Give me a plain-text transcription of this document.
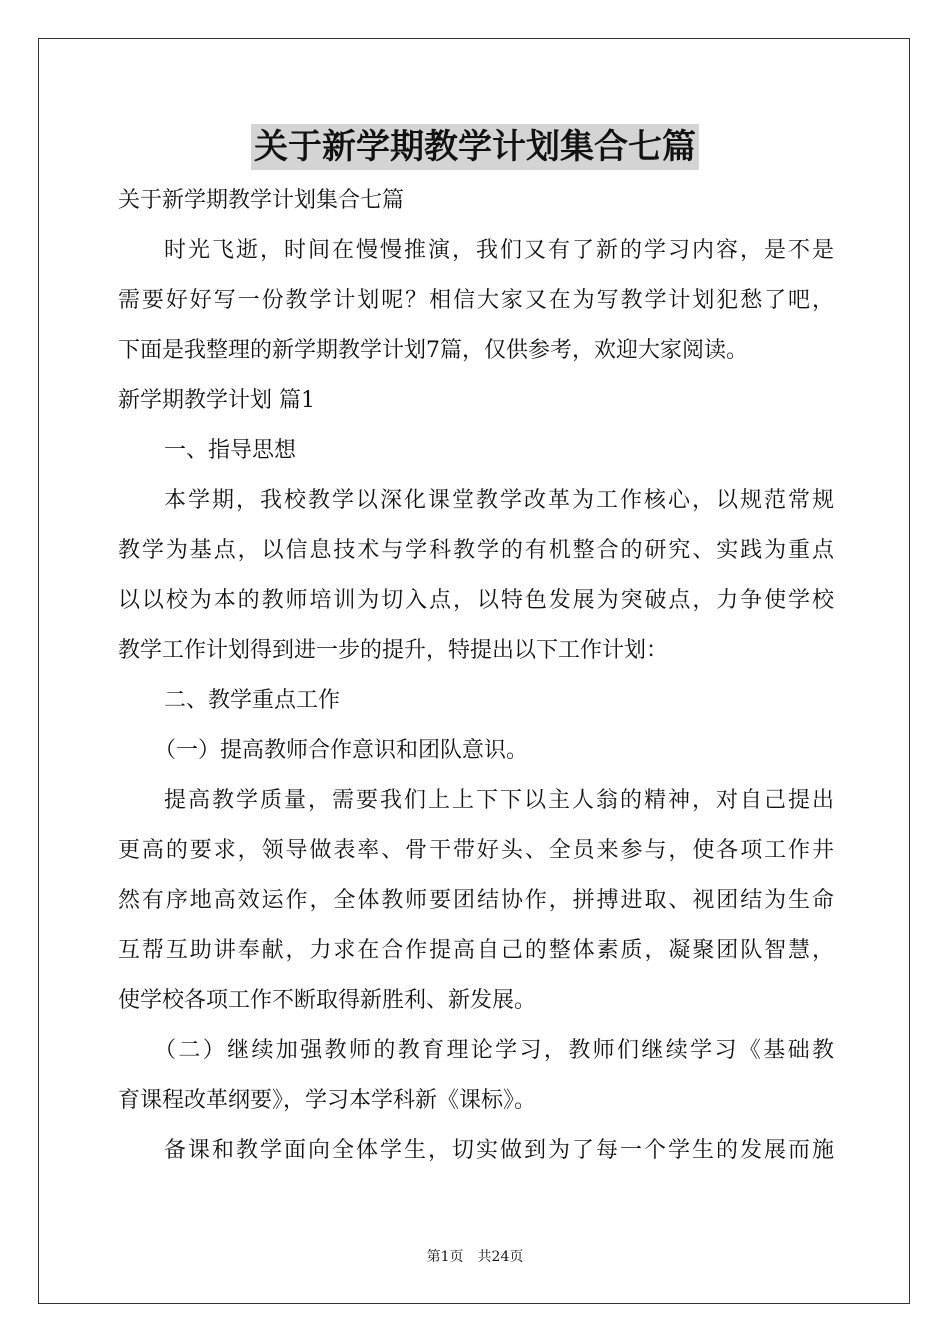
关于新学期教学计划集合七篇
关于新学期教学计划集合七篇
时光飞逝，时间在慢慢推演，我们又有了新的学习内容，是不是
需要好好写一份教学计划呢？相信大家又在为写教学计划犯愁了吧，
下面是我整理的新学期教学计划7篇，仅供参考，欢迎大家阅读。
新学期教学计划 篇1
一、指导思想
本学期，我校教学以深化课堂教学改革为工作核心，以规范常规
教学为基点，以信息技术与学科教学的有机整合的研究、实践为重点
以以校为本的教师培训为切入点，以特色发展为突破点，力争使学校
教学工作计划得到进一步的提升，特提出以下工作计划：
二、教学重点工作
（一）提高教师合作意识和团队意识。
提高教学质量，需要我们上上下下以主人翁的精神，对自己提出
更高的要求，领导做表率、骨干带好头、全员来参与，使各项工作井
然有序地高效运作，全体教师要团结协作，拼搏进取、视团结为生命
互帮互助讲奉献，力求在合作提高自己的整体素质，凝聚团队智慧，
使学校各项工作不断取得新胜利、新发展。
（二）继续加强教师的教育理论学习，教师们继续学习《基础教
育课程改革纲要》，学习本学科新《课标》。
备课和教学面向全体学生，切实做到为了每一个学生的发展而施
第1页　共24页
